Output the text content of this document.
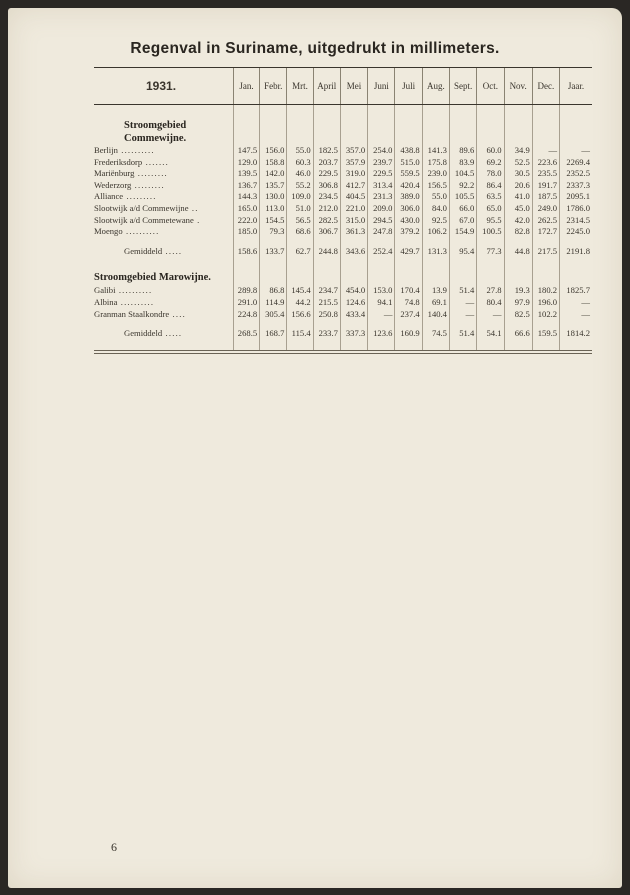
Regenval in Suriname, uitgedrukt in millimeters.
1931.	Jan.	Febr.	Mrt.	April	Mei	Juni	Juli	Aug.	Sept.	Oct.	Nov.	Dec.	Jaar.

Stroomgebied													
Commewijne.													
Berlijn ..........	147.5	156.0	55.0	182.5	357.0	254.0	438.8	141.3	89.6	60.0	34.9	—	—
Frederiksdorp .......	129.0	158.8	60.3	203.7	357.9	239.7	515.0	175.8	83.9	69.2	52.5	223.6	2269.4
Mariënburg .........	139.5	142.0	46.0	229.5	319.0	229.5	559.5	239.0	104.5	78.0	30.5	235.5	2352.5
Wederzorg .........	136.7	135.7	55.2	306.8	412.7	313.4	420.4	156.5	92.2	86.4	20.6	191.7	2337.3
Alliance .........	144.3	130.0	109.0	234.5	404.5	231.3	389.0	55.0	105.5	63.5	41.0	187.5	2095.1
Slootwijk a/d Commewijne ..	165.0	113.0	51.0	212.0	221.0	209.0	306.0	84.0	66.0	65.0	45.0	249.0	1786.0
Slootwijk a/d Commetewane .	222.0	154.5	56.5	282.5	315.0	294.5	430.0	92.5	67.0	95.5	42.0	262.5	2314.5
Moengo ..........	185.0	79.3	68.6	306.7	361.3	247.8	379.2	106.2	154.9	100.5	82.8	172.7	2245.0

Gemiddeld .....	158.6	133.7	62.7	244.8	343.6	252.4	429.7	131.3	95.4	77.3	44.8	217.5	2191.8

Stroomgebied Marowijne.													
Galibi ..........	289.8	86.8	145.4	234.7	454.0	153.0	170.4	13.9	51.4	27.8	19.3	180.2	1825.7
Albina ..........	291.0	114.9	44.2	215.5	124.6	94.1	74.8	69.1	—	80.4	97.9	196.0	—
Granman Staalkondre ....	224.8	305.4	156.6	250.8	433.4	—	237.4	140.4	—	—	82.5	102.2	—

Gemiddeld .....	268.5	168.7	115.4	233.7	337.3	123.6	160.9	74.5	51.4	54.1	66.6	159.5	1814.2

6
